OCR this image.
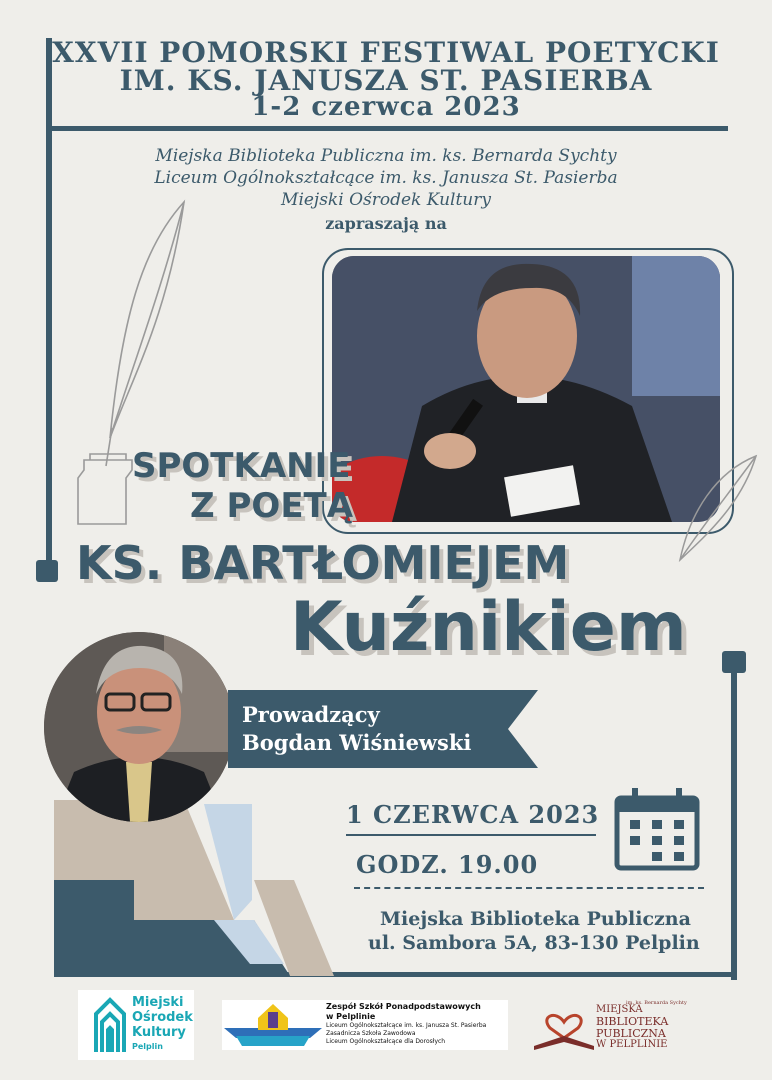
XXVII POMORSKI FESTIWAL POETYCKI
IM. KS. JANUSZA ST. PASIERBA
1-2 czerwca 2023
Miejska Biblioteka Publiczna im. ks. Bernarda Sychty
Liceum Ogólnokształcące im. ks. Janusza St. Pasierba
Miejski Ośrodek Kultury
zapraszają na
SPOTKANIE
Z POETĄ
KS. BARTŁOMIEJEM
Kuźnikiem
Prowadzący
Bogdan Wiśniewski
1 CZERWCA 2023
GODZ. 19.00
Miejska Biblioteka Publiczna
ul. Sambora 5A, 83-130 Pelplin
Miejski
Ośrodek
Kultury
Pelplin
Zespół Szkół Ponadpodstawowych
w Pelplinie
Liceum Ogólnokształcące im. ks. Janusza St. Pasierba
Zasadnicza Szkoła Zawodowa
Liceum Ogólnokształcące dla Dorosłych
im. ks. Bernarda Sychty
MIEJSKA
BIBLIOTEKA
PUBLICZNA
W PELPLINIE
